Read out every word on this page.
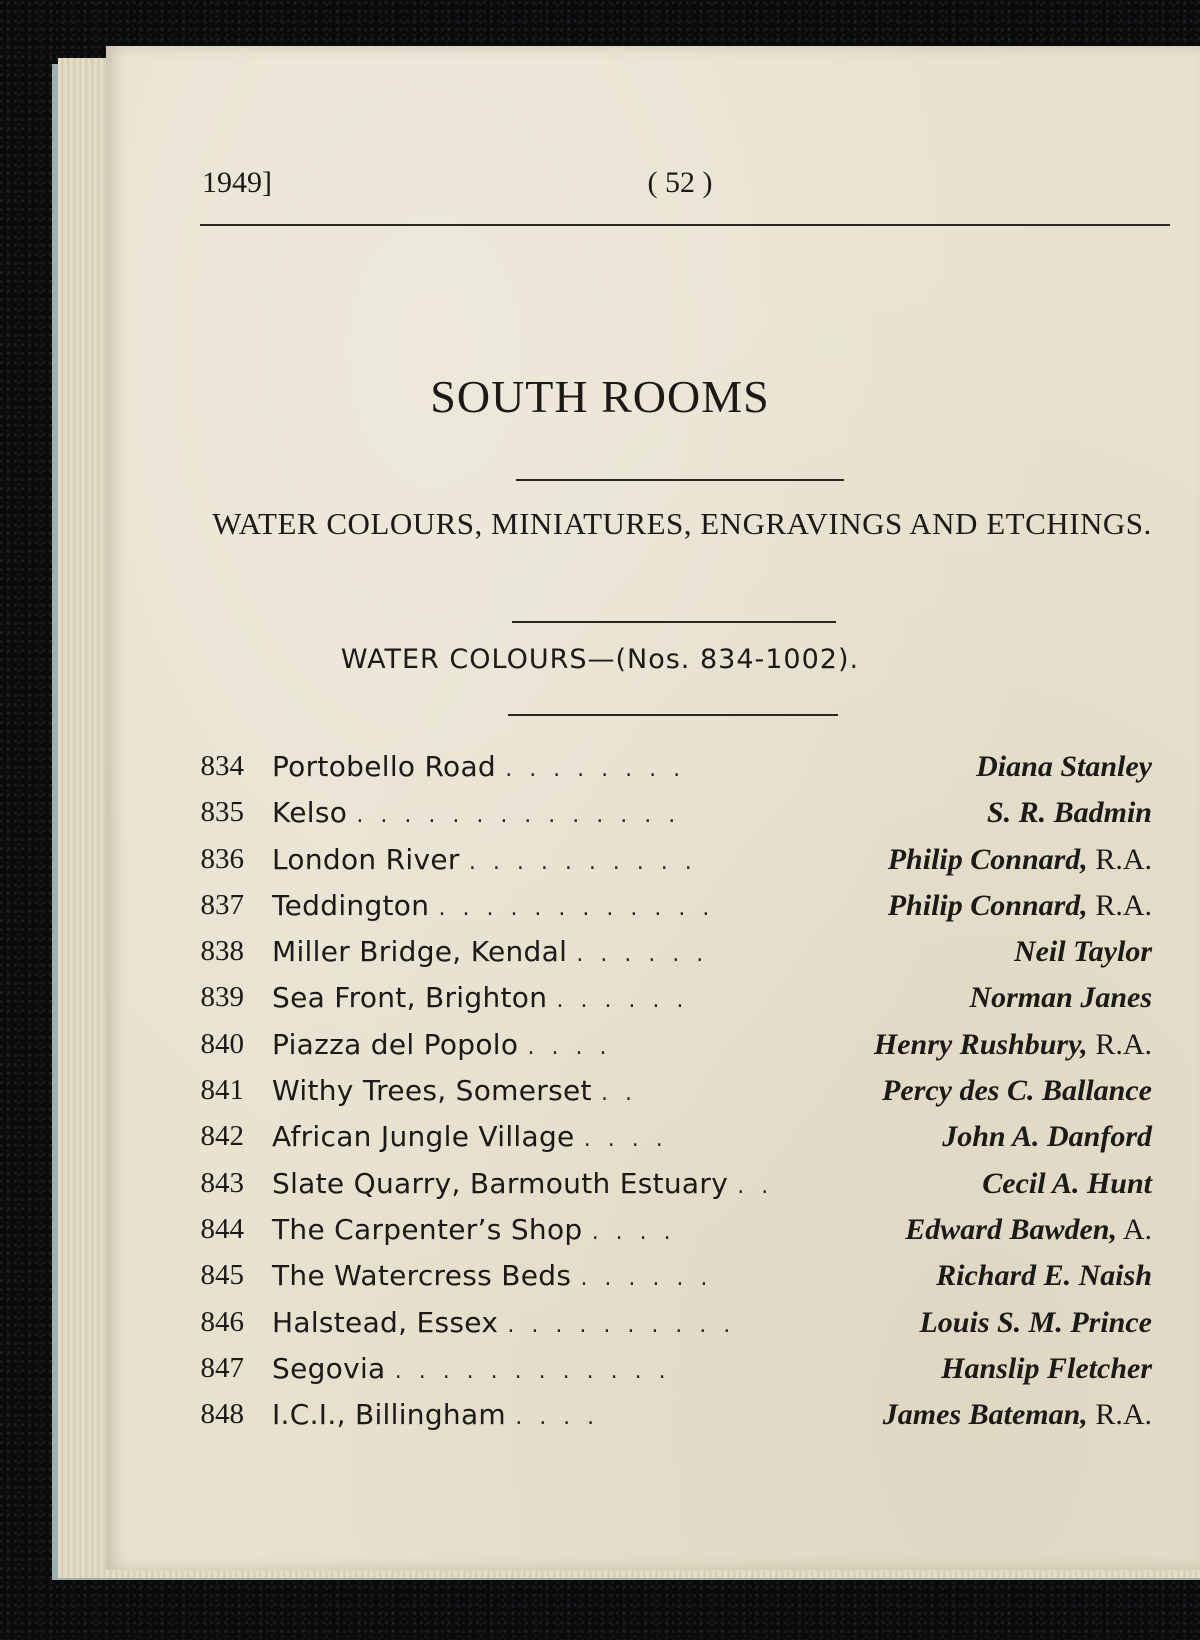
1949]	( 52 )
SOUTH ROOMS
WATER COLOURS, MINIATURES, ENGRAVINGS AND ETCHINGS.
WATER COLOURS—(Nos. 834-1002).
834 Portobello Road . . . . . . . .	Diana Stanley
835 Kelso . . . . . . . . . . . . . .	S. R. Badmin
836 London River . . . . . . . . . .	Philip Connard, R.A.
837 Teddington . . . . . . . . . . . .	Philip Connard, R.A.
838 Miller Bridge, Kendal . . . . . .	Neil Taylor
839 Sea Front, Brighton . . . . . .	Norman Janes
840 Piazza del Popolo . . . .	Henry Rushbury, R.A.
841 Withy Trees, Somerset . .	Percy des C. Ballance
842 African Jungle Village . . . .	John A. Danford
843 Slate Quarry, Barmouth Estuary . .	Cecil A. Hunt
844 The Carpenter’s Shop . . . .	Edward Bawden, A.
845 The Watercress Beds . . . . . .	Richard E. Naish
846 Halstead, Essex . . . . . . . . . .	Louis S. M. Prince
847 Segovia . . . . . . . . . . . .	Hanslip Fletcher
848 I.C.I., Billingham . . . .	James Bateman, R.A.
